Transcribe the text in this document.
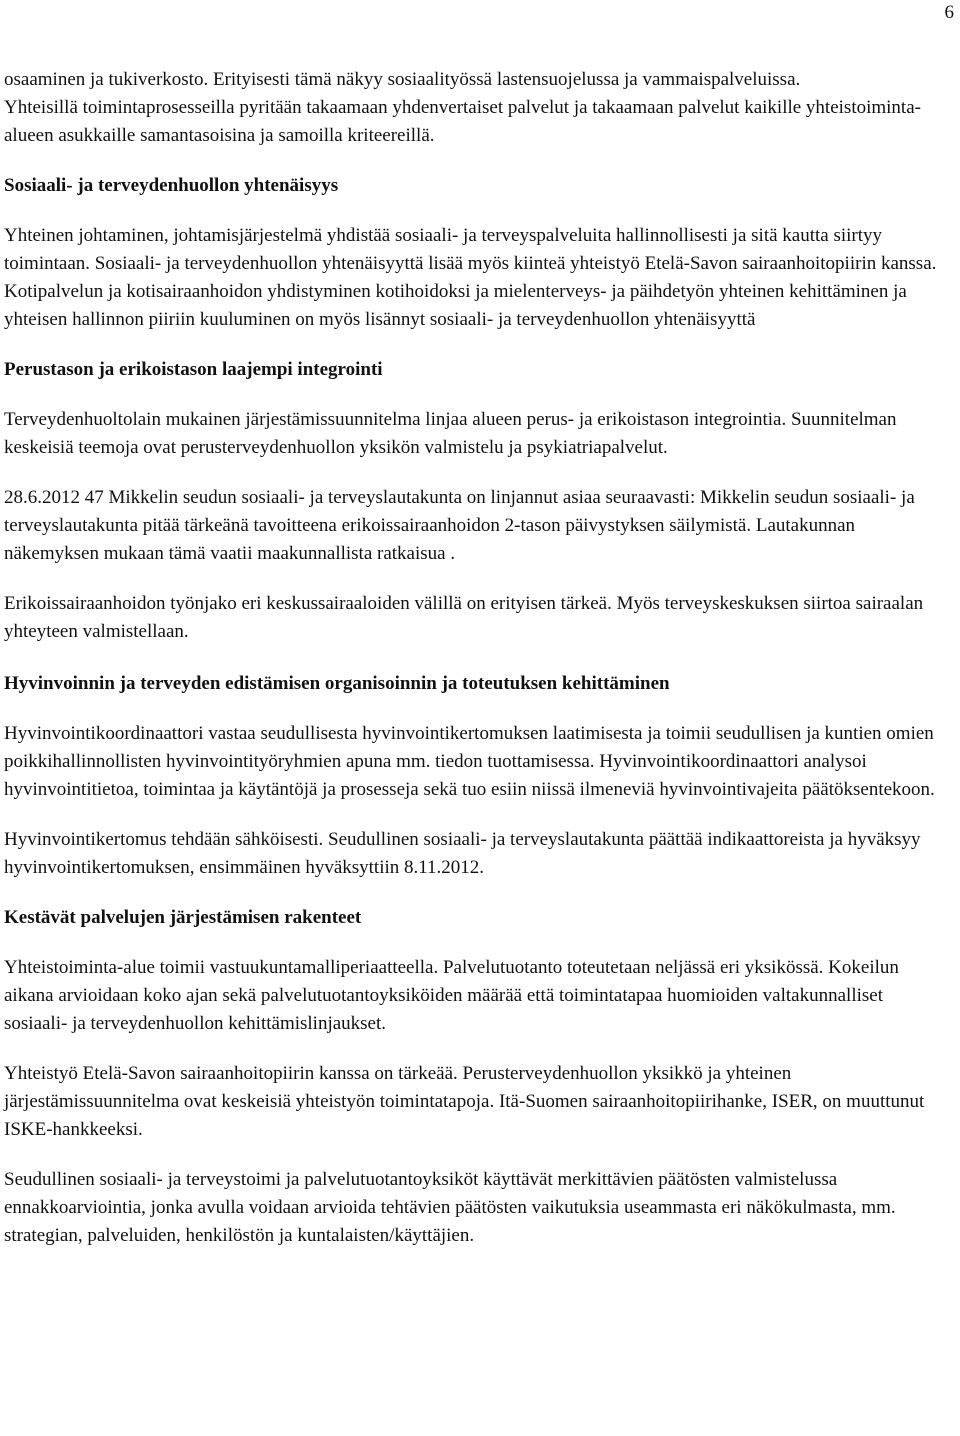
6

osaaminen ja tukiverkosto. Erityisesti tämä näkyy sosiaalityössä lastensuojelussa ja vammaispalveluissa.

Yhteisillä toimintaprosesseilla pyritään takaamaan yhdenvertaiset palvelut ja takaamaan palvelut kaikille yhteistoiminta-alueen asukkaille samantasoisina ja samoilla kriteereillä.

Sosiaali- ja terveydenhuollon yhtenäisyys

Yhteinen johtaminen, johtamisjärjestelmä yhdistää sosiaali- ja terveyspalveluita hallinnollisesti ja sitä kautta siirtyy toimintaan. Sosiaali- ja terveydenhuollon yhtenäisyyttä lisää myös kiinteä yhteistyö Etelä-Savon sairaanhoitopiirin kanssa. Kotipalvelun ja kotisairaanhoidon yhdistyminen kotihoidoksi ja mielenterveys- ja päihdetyön yhteinen kehittäminen ja yhteisen hallinnon piiriin kuuluminen on myös lisännyt sosiaali- ja terveydenhuollon yhtenäisyyttä

Perustason ja erikoistason laajempi integrointi

Terveydenhuoltolain mukainen järjestämissuunnitelma linjaa alueen perus- ja erikoistason integrointia. Suunnitelman keskeisiä teemoja ovat perusterveydenhuollon yksikön valmistelu ja psykiatriapalvelut.

28.6.2012 47 Mikkelin seudun sosiaali- ja terveyslautakunta on linjannut asiaa seuraavasti: Mikkelin seudun sosiaali- ja terveyslautakunta pitää tärkeänä tavoitteena erikoissairaanhoidon 2-tason päivystyksen säilymistä. Lautakunnan näkemyksen mukaan tämä vaatii maakunnallista ratkaisua .

Erikoissairaanhoidon työnjako eri keskussairaaloiden välillä on erityisen tärkeä. Myös terveyskeskuksen siirtoa sairaalan yhteyteen valmistellaan.

Hyvinvoinnin ja terveyden edistämisen organisoinnin ja toteutuksen kehittäminen

Hyvinvointikoordinaattori vastaa seudullisesta hyvinvointikertomuksen laatimisesta ja toimii seudullisen ja kuntien omien poikkihallinnollisten hyvinvointityöryhmien apuna mm. tiedon tuottamisessa. Hyvinvointikoordinaattori analysoi hyvinvointitietoa, toimintaa ja käytäntöjä ja prosesseja sekä tuo esiin niissä ilmeneviä hyvinvointivajeita päätöksentekoon.

Hyvinvointikertomus tehdään sähköisesti. Seudullinen sosiaali- ja terveyslautakunta päättää indikaattoreista ja hyväksyy hyvinvointikertomuksen, ensimmäinen hyväksyttiin 8.11.2012.

Kestävät palvelujen järjestämisen rakenteet

Yhteistoiminta-alue toimii vastuukuntamalliperiaatteella. Palvelutuotanto toteutetaan neljässä eri yksikössä. Kokeilun aikana arvioidaan koko ajan sekä palvelutuotantoyksiköiden määrää että toimintatapaa huomioiden valtakunnalliset sosiaali- ja terveydenhuollon kehittämislinjaukset.

Yhteistyö Etelä-Savon sairaanhoitopiirin kanssa on tärkeää. Perusterveydenhuollon yksikkö ja yhteinen järjestämissuunnitelma ovat keskeisiä yhteistyön toimintatapoja. Itä-Suomen sairaanhoitopiirihanke, ISER, on muuttunut ISKE-hankkeeksi.

Seudullinen sosiaali- ja terveystoimi ja palvelutuotantoyksiköt käyttävät merkittävien päätösten valmistelussa ennakkoarviointia, jonka avulla voidaan arvioida tehtävien päätösten vaikutuksia useammasta eri näkökulmasta, mm. strategian, palveluiden, henkilöstön ja kuntalaisten/käyttäjien.
